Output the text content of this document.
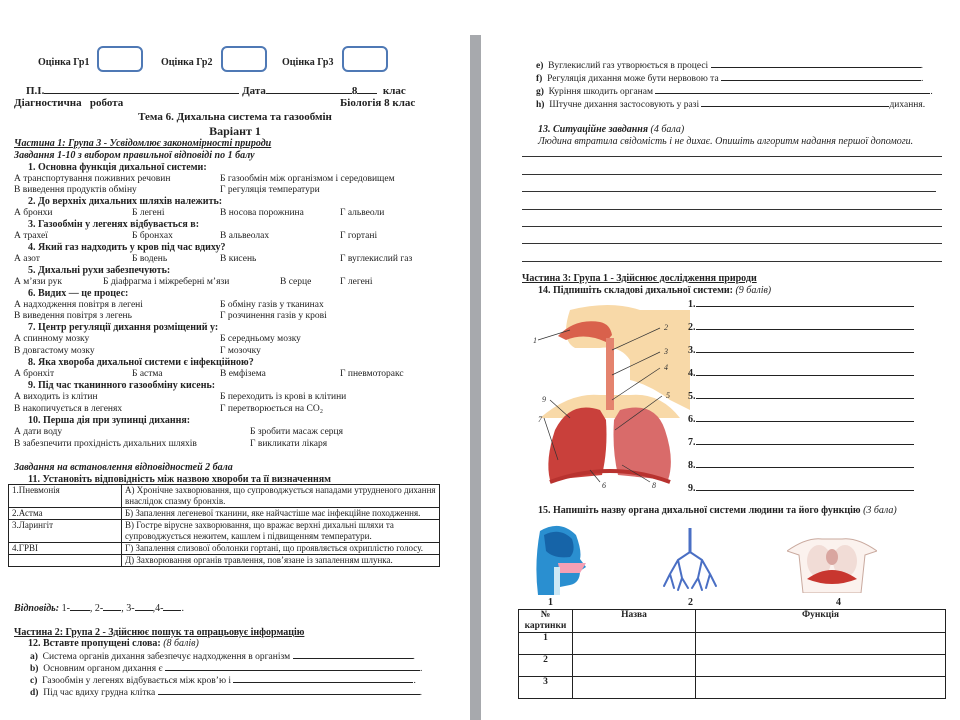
Оцінка Гр1	Оцінка Гр2	Оцінка Гр3
П.І.	Дата	8 клас
Діагностична   робота	Біологія 8 клас
Тема 6. Дихальна система та газообмін
Варіант 1
Частина 1: Група 3 - Усвідомлює закономірності природи
Завдання 1-10 з вибором правильної відповіді по 1 балу
1. Основна функція дихальної системи:
А транспортування поживних речовин	Б газообмін між організмом і середовищем
В виведення продуктів обміну	Г регуляція температури
2. До верхніх дихальних шляхів належить:
А бронхи	Б легені	В носова порожнина	Г альвеоли
3. Газообмін у легенях відбувається в:
А трахеї	Б бронхах	В альвеолах	Г гортані
4. Який газ надходить у кров під час вдиху?
А азот	Б водень	В кисень	Г вуглекислий газ
5. Дихальні рухи забезпечують:
А м’язи рук	Б діафрагма і міжреберні м’язи	В серце	Г легені
6. Видих — це процес:
А надходження повітря в легені	Б обміну газів у тканинах
В виведення повітря з легень	Г розчинення газів у крові
7. Центр регуляції дихання розміщений у:
А спинному мозку	Б середньому мозку
В довгастому мозку	Г мозочку
8. Яка хвороба дихальної системи є інфекційною?
А бронхіт	Б астма	В емфізема	Г пневмоторакс
9. Під час тканинного газообміну кисень:
А виходить із клітин	Б переходить із крові в клітини
В накопичується в легенях	Г перетворюється на CO₂
10. Перша дія при зупинці дихання:
А дати воду	Б зробити масаж серця
В забезпечити прохідність дихальних шляхів	Г викликати лікаря
Завдання на встановлення відповідностей 2 бала
11. Установіть відповідність між назвою хвороби та її визначенням
1.Пневмонія	А) Хронічне захворювання, що супроводжується нападами утрудненого дихання внаслідок спазму бронхів.
2.Астма	Б) Запалення легеневої тканини, яке найчастіше має інфекційне походження.
3.Ларингіт	В) Гостре вірусне захворювання, що вражає верхні дихальні шляхи та супроводжується нежитем, кашлем і підвищенням температури.
4.ГРВІ	Г) Запалення слизової оболонки гортані, що проявляється охриплістю голосу.
	Д) Захворювання органів травлення, пов’язане із запаленням шлунка.
Відповідь: 1- , 2- , 3- ,4- .
Частина 2: Група 2 - Здійснює пошук та опрацьовує інформацію
12. Вставте пропущені слова: (8 балів)
a) Система органів дихання забезпечує надходження в організм	.
b) Основним органом дихання є	.
c) Газообмін у легенях відбувається між кров’ю і	.
d) Під час вдиху грудна клітка	.
e) Вуглекислий газ утворюється в процесі	.
f) Регуляція дихання може бути нервовою та	.
g) Куріння шкодить органам	.
h) Штучне дихання застосовують у разі	дихання.
13. Ситуаційне завдання (4 бала)
Людина втратила свідомість і не дихає. Опишіть алгоритм надання першої допомоги.
Частина 3: Група 1 - Здійснює дослідження природи
14. Підпишіть складові дихальної системи: (9 балів)
1
2
3
4
5
6
7
8
9
1.
2.
3.
4.
5.
6.
7.
8.
9.
15. Напишіть назву органа дихальної системи людини та його функцію (3 бала)
1	2	4
№ картинки	Назва	Функція
1		
2		
3		
